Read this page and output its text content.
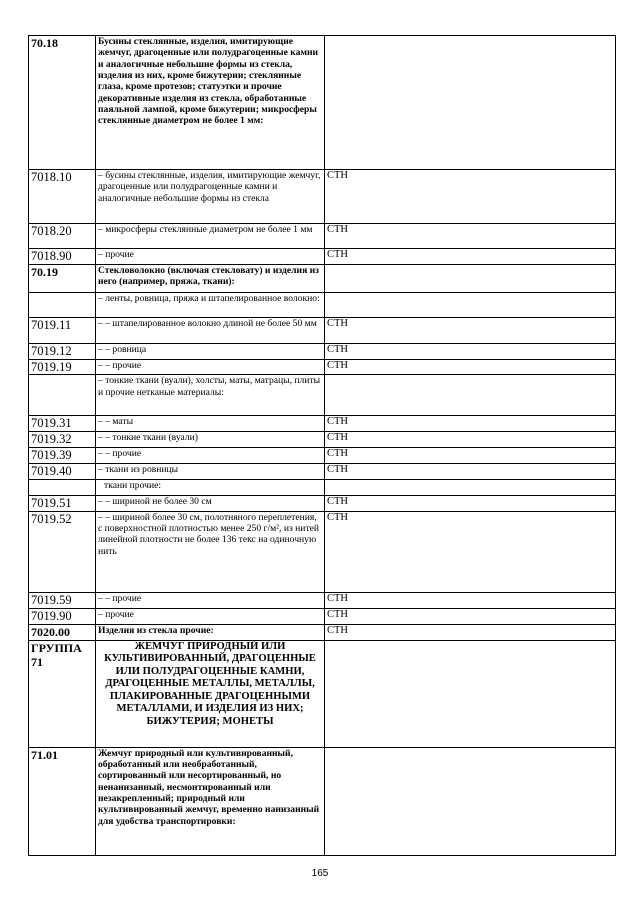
70.18	Бусины стеклянные, изделия, имитирующие жемчуг, драгоценные или полудрагоценные камни и аналогичные небольшие формы из стекла, изделия из них, кроме бижутерии; стеклянные глаза, кроме протезов; статуэтки и прочие декоративные изделия из стекла, обработанные паяльной лампой, кроме бижутерии; микросферы стеклянные диаметром не более 1 мм:	
7018.10	– бусины стеклянные, изделия, имитирующие жемчуг, драгоценные или полудрагоценные камни и аналогичные небольшие формы из стекла	СТН
7018.20	– микросферы стеклянные диаметром не более 1 мм	СТН
7018.90	– прочие	СТН
70.19	Стекловолокно (включая стекловату) и изделия из него (например, пряжа, ткани):	
	– ленты, ровница, пряжа и штапелированное волокно:	
7019.11	– – штапелированное волокно длиной не более 50 мм	СТН
7019.12	– – ровница	СТН
7019.19	– – прочие	СТН
	– тонкие ткани (вуали), холсты, маты, матрацы, плиты и прочие нетканые материалы:	
7019.31	– – маты	СТН
7019.32	– – тонкие ткани (вуали)	СТН
7019.39	– – прочие	СТН
7019.40	– ткани из ровницы	СТН
	ткани прочие:	
7019.51	– – шириной не более 30 см	СТН
7019.52	– – шириной более 30 см, полотняного переплетения, с поверхностной плотностью менее 250 г/м², из нитей линейной плотности не более 136 текс на одиночную нить	СТН
7019.59	– – прочие	СТН
7019.90	– прочие	СТН
7020.00	Изделия из стекла прочие:	СТН
ГРУППА 71	ЖЕМЧУГ ПРИРОДНЫЙ ИЛИ КУЛЬТИВИРОВАННЫЙ, ДРАГОЦЕННЫЕ ИЛИ ПОЛУДРАГОЦЕННЫЕ КАМНИ, ДРАГОЦЕННЫЕ МЕТАЛЛЫ, МЕТАЛЛЫ, ПЛАКИРОВАННЫЕ ДРАГОЦЕННЫМИ МЕТАЛЛАМИ, И ИЗДЕЛИЯ ИЗ НИХ; БИЖУТЕРИЯ; МОНЕТЫ	
71.01	Жемчуг природный или культивированный, обработанный или необработанный, сортированный или несортированный, но ненанизанный, несмонтированный или незакрепленный; природный или культивированный жемчуг, временно нанизанный для удобства транспортировки:	
165
